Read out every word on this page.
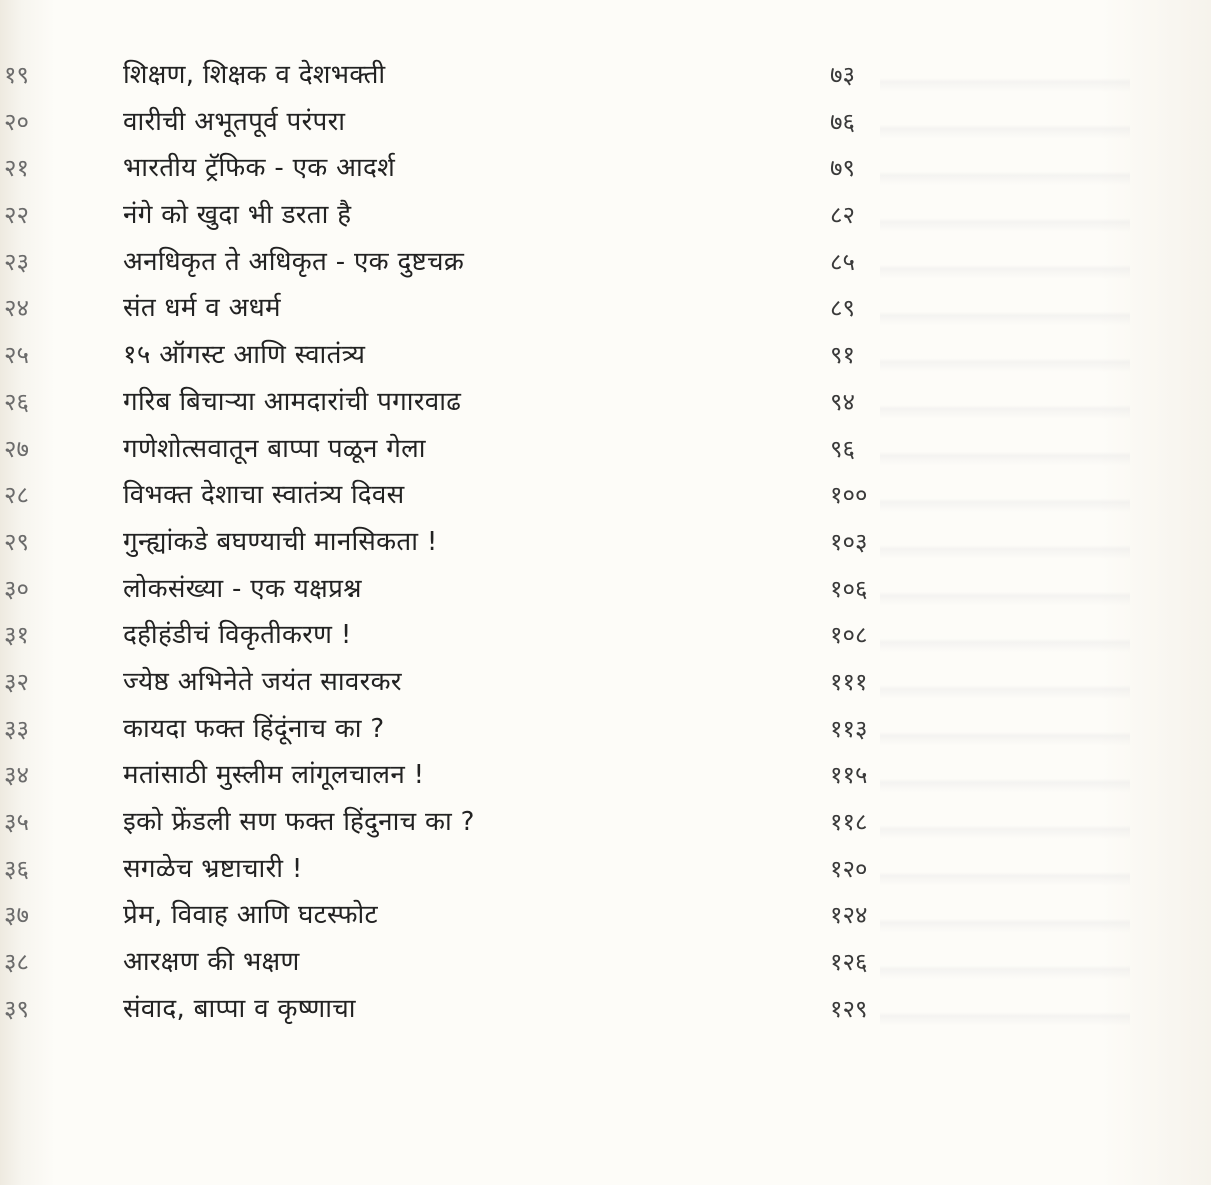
१९	शिक्षण, शिक्षक व देशभक्ती	७३
२०	वारीची अभूतपूर्व परंपरा	७६
२१	भारतीय ट्रॅफिक - एक आदर्श	७९
२२	नंगे को खुदा भी डरता है	८२
२३	अनधिकृत ते अधिकृत - एक दुष्टचक्र	८५
२४	संत धर्म व अधर्म	८९
२५	१५ ऑगस्ट आणि स्वातंत्र्य	९१
२६	गरिब बिचाऱ्या आमदारांची पगारवाढ	९४
२७	गणेशोत्सवातून बाप्पा पळून गेला	९६
२८	विभक्त देशाचा स्वातंत्र्य दिवस	१००
२९	गुन्ह्यांकडे बघण्याची मानसिकता !	१०३
३०	लोकसंख्या - एक यक्षप्रश्न	१०६
३१	दहीहंडीचं विकृतीकरण !	१०८
३२	ज्येष्ठ अभिनेते जयंत सावरकर	१११
३३	कायदा फक्त हिंदूंनाच का ?	११३
३४	मतांसाठी मुस्लीम लांगूलचालन !	११५
३५	इको फ्रेंडली सण फक्त हिंदुनाच का ?	११८
३६	सगळेच भ्रष्टाचारी !	१२०
३७	प्रेम, विवाह आणि घटस्फोट	१२४
३८	आरक्षण की भक्षण	१२६
३९	संवाद, बाप्पा व कृष्णाचा	१२९
